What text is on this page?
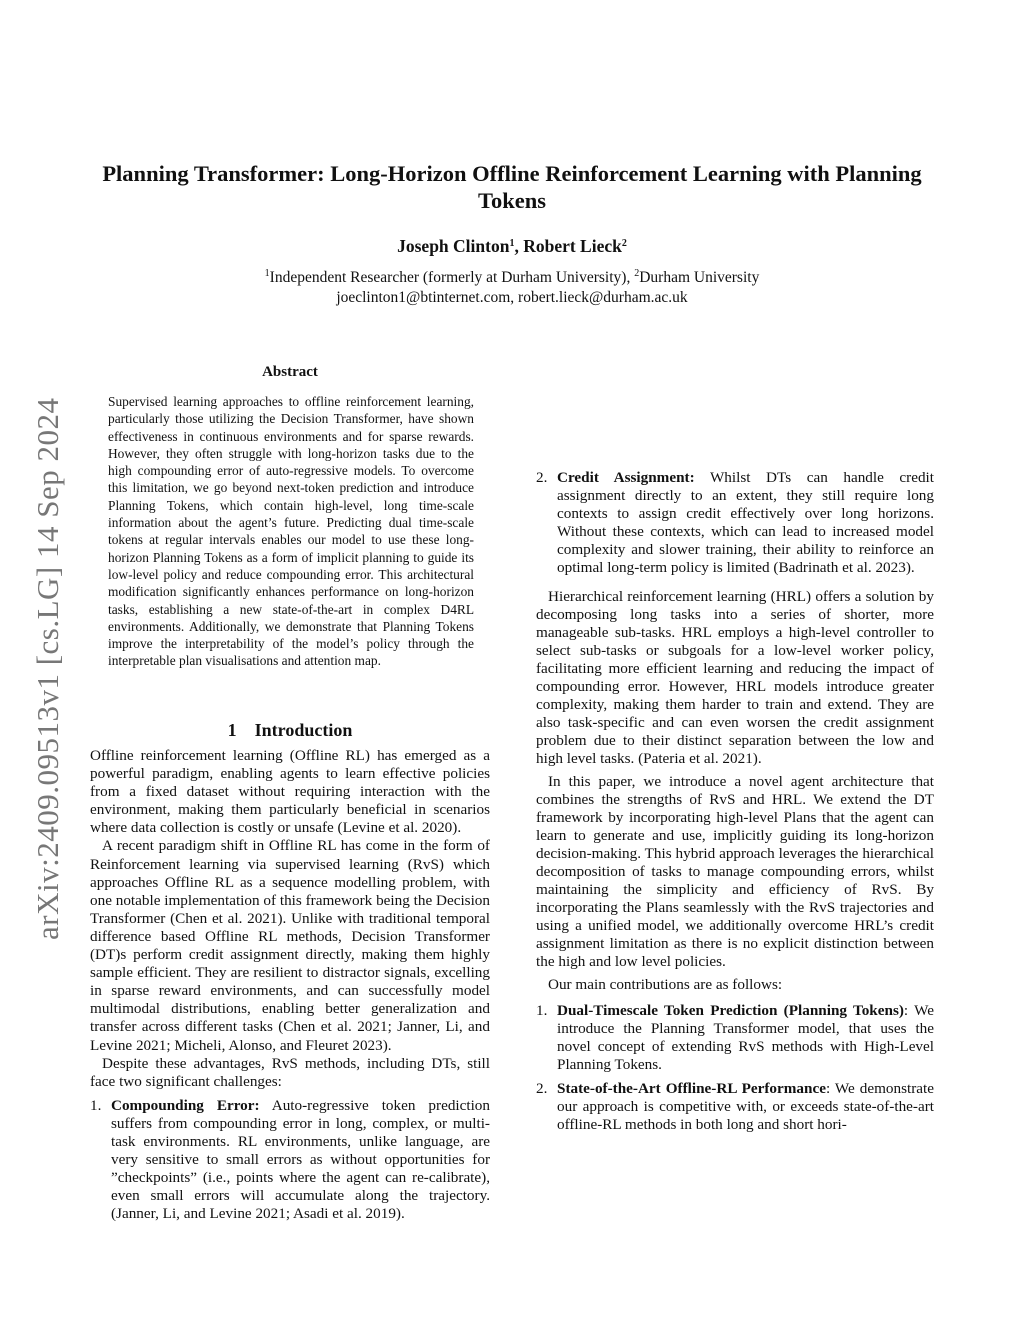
Planning Transformer: Long-Horizon Offline Reinforcement Learning with Planning Tokens
Joseph Clinton$^1$, Robert Lieck$^2$
$^1$Independent Researcher (formerly at Durham University), $^2$Durham University
joeclinton1@btinternet.com, robert.lieck@durham.ac.uk
arXiv:2409.09513v1 [cs.LG] 14 Sep 2024
Abstract
Supervised learning approaches to offline reinforcement learning, particularly those utilizing the Decision Transformer, have shown effectiveness in continuous environments and for sparse rewards. However, they often struggle with long-horizon tasks due to the high compounding error of auto-regressive models. To overcome this limitation, we go beyond next-token prediction and introduce Planning Tokens, which contain high-level, long time-scale information about the agent’s future. Predicting dual time-scale tokens at regular intervals enables our model to use these long-horizon Planning Tokens as a form of implicit planning to guide its low-level policy and reduce compounding error. This architectural modification significantly enhances performance on long-horizon tasks, establishing a new state-of-the-art in complex D4RL environments. Additionally, we demonstrate that Planning Tokens improve the interpretability of the model’s policy through the interpretable plan visualisations and attention map.
1 Introduction

Offline reinforcement learning (Offline RL) has emerged as a powerful paradigm, enabling agents to learn effective policies from a fixed dataset without requiring interaction with the environment, making them particularly beneficial in scenarios where data collection is costly or unsafe (Levine et al. 2020).

A recent paradigm shift in Offline RL has come in the form of Reinforcement learning via supervised learning (RvS) which approaches Offline RL as a sequence modelling problem, with one notable implementation of this framework being the Decision Transformer (Chen et al. 2021). Unlike with traditional temporal difference based Offline RL methods, Decision Transformer (DT)s perform credit assignment directly, making them highly sample efficient. They are resilient to distractor signals, excelling in sparse reward environments, and can successfully model multimodal distributions, enabling better generalization and transfer across different tasks (Chen et al. 2021; Janner, Li, and Levine 2021; Micheli, Alonso, and Fleuret 2023).

Despite these advantages, RvS methods, including DTs, still face two significant challenges:

1. Compounding Error: Auto-regressive token prediction suffers from compounding error in long, complex, or multi-task environments. RL environments, unlike language, are very sensitive to small errors as without opportunities for ”checkpoints” (i.e., points where the agent can re-calibrate), even small errors will accumulate along the trajectory. (Janner, Li, and Levine 2021; Asadi et al. 2019).
2. Credit Assignment: Whilst DTs can handle credit assignment directly to an extent, they still require long contexts to assign credit effectively over long horizons. Without these contexts, which can lead to increased model complexity and slower training, their ability to reinforce an optimal long-term policy is limited (Badrinath et al. 2023).

Hierarchical reinforcement learning (HRL) offers a solution by decomposing long tasks into a series of shorter, more manageable sub-tasks. HRL employs a high-level controller to select sub-tasks or subgoals for a low-level worker policy, facilitating more efficient learning and reducing the impact of compounding error. However, HRL models introduce greater complexity, making them harder to train and extend. They are also task-specific and can even worsen the credit assignment problem due to their distinct separation between the low and high level tasks. (Pateria et al. 2021).

In this paper, we introduce a novel agent architecture that combines the strengths of RvS and HRL. We extend the DT framework by incorporating high-level Plans that the agent can learn to generate and use, implicitly guiding its long-horizon decision-making. This hybrid approach leverages the hierarchical decomposition of tasks to manage compounding errors, whilst maintaining the simplicity and efficiency of RvS. By incorporating the Plans seamlessly with the RvS trajectories and using a unified model, we additionally overcome HRL’s credit assignment limitation as there is no explicit distinction between the high and low level policies.

Our main contributions are as follows:

1. Dual-Timescale Token Prediction (Planning Tokens): We introduce the Planning Transformer model, that uses the novel concept of extending RvS methods with High-Level Planning Tokens.
2. State-of-the-Art Offline-RL Performance: We demonstrate our approach is competitive with, or exceeds state-of-the-art offline-RL methods in both long and short hori-
